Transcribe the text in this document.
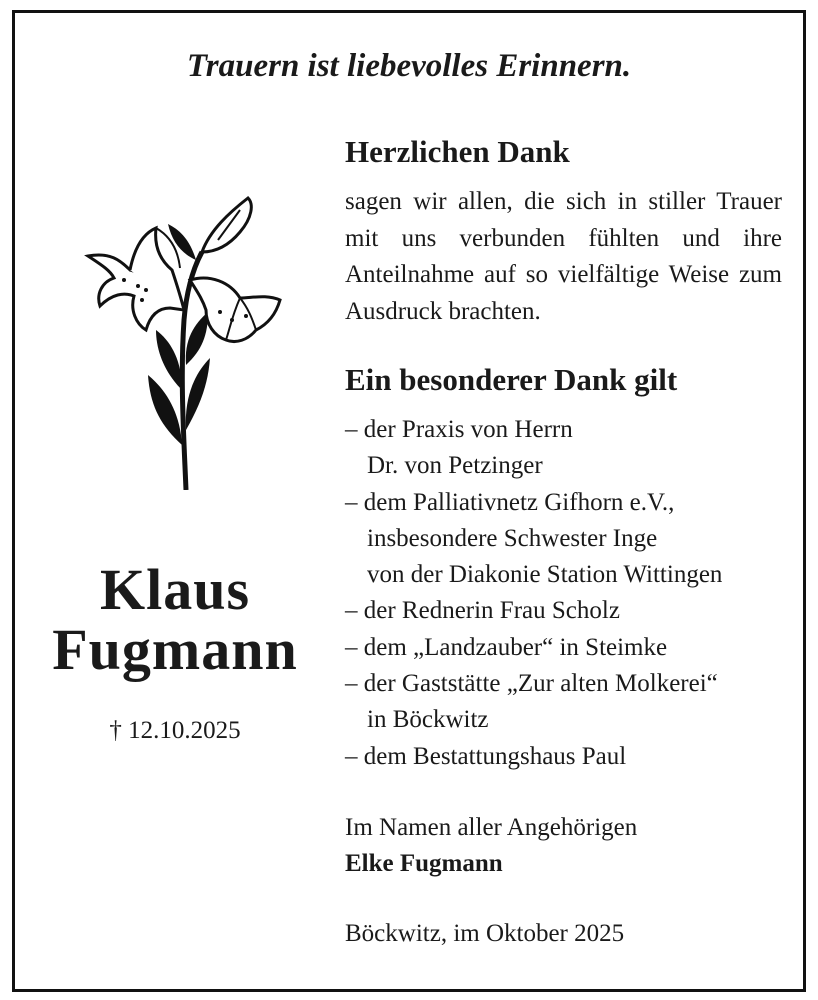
Trauern ist liebevolles Erinnern.
Klaus
Fugmann
† 12.10.2025
Herzlichen Dank
sagen wir allen, die sich in stiller Trauer mit uns verbunden fühlten und ihre Anteilnahme auf so vielfältige Weise zum Ausdruck brachten.
Ein besonderer Dank gilt
– der Praxis von Herrn
Dr. von Petzinger
– dem Palliativnetz Gifhorn e.V.,
insbesondere Schwester Inge
von der Diakonie Station Wittingen
– der Rednerin Frau Scholz
– dem „Landzauber“ in Steimke
– der Gaststätte „Zur alten Molkerei“
in Böckwitz
– dem Bestattungshaus Paul
Im Namen aller Angehörigen
Elke Fugmann
Böckwitz, im Oktober 2025
